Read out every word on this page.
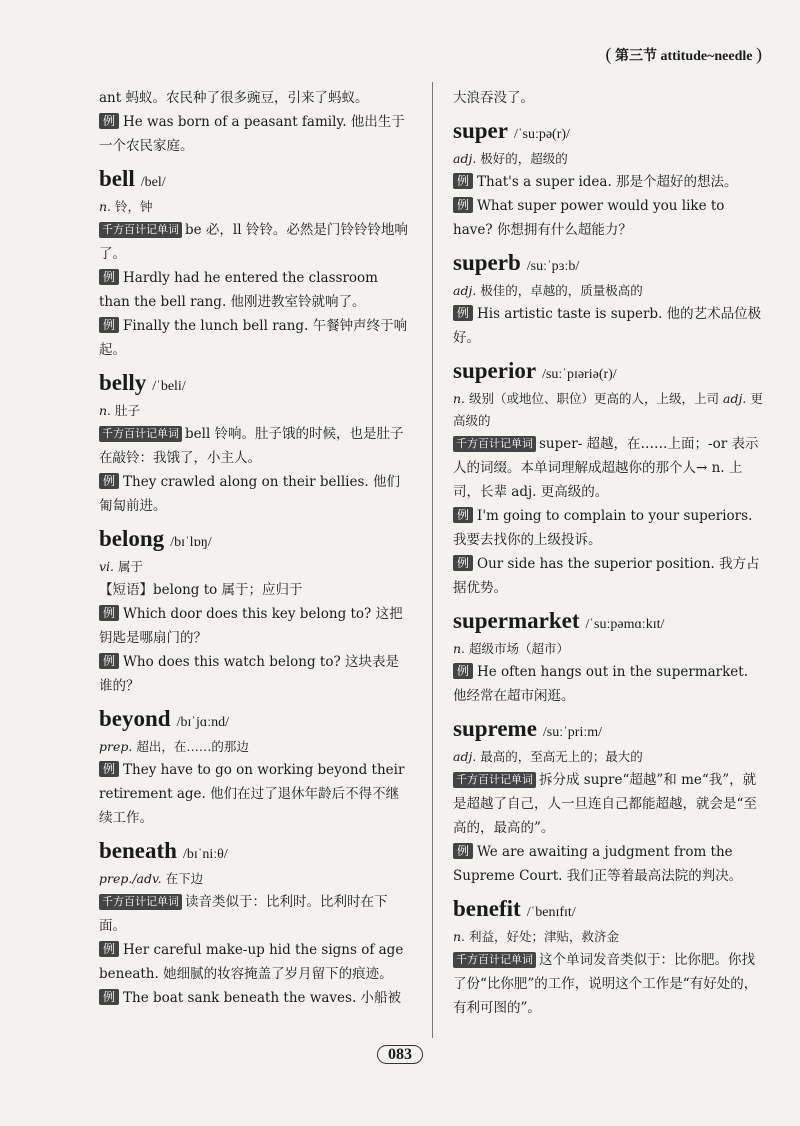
( 第三节 attitude~needle )

ant 蚂蚁。农民种了很多豌豆，引来了蚂蚁。

例 He was born of a peasant family. 他出生于一个农民家庭。

bell /bel/
n. 铃，钟

千方百计记单词 be 必，ll 铃铃。必然是门铃铃铃地响了。

例 Hardly had he entered the classroom than the bell rang. 他刚进教室铃就响了。

例 Finally the lunch bell rang. 午餐钟声终于响起。

belly /ˈbeli/
n. 肚子

千方百计记单词 bell 铃响。肚子饿的时候，也是肚子在敲铃：我饿了，小主人。

例 They crawled along on their bellies. 他们匍匐前进。

belong /bɪˈlɒŋ/
vi. 属于

【短语】belong to 属于；应归于

例 Which door does this key belong to? 这把钥匙是哪扇门的？

例 Who does this watch belong to? 这块表是谁的？

beyond /bɪˈjɑːnd/
prep. 超出，在……的那边

例 They have to go on working beyond their retirement age. 他们在过了退休年龄后不得不继续工作。

beneath /bɪˈniːθ/
prep./adv. 在下边

千方百计记单词 读音类似于：比利时。比利时在下面。

例 Her careful make-up hid the signs of age beneath. 她细腻的妆容掩盖了岁月留下的痕迹。

例 The boat sank beneath the waves. 小船被

大浪吞没了。

super /ˈsuːpə(r)/
adj. 极好的，超级的

例 That's a super idea. 那是个超好的想法。

例 What super power would you like to have? 你想拥有什么超能力？

superb /suːˈpɜːb/
adj. 极佳的，卓越的，质量极高的

例 His artistic taste is superb. 他的艺术品位极好。

superior /suːˈpɪəriə(r)/
n. 级别（或地位、职位）更高的人，上级，上司 adj. 更高级的

千方百计记单词 super- 超越，在……上面；-or 表示人的词缀。本单词理解成超越你的那个人→ n. 上司，长辈 adj. 更高级的。

例 I'm going to complain to your superiors. 我要去找你的上级投诉。

例 Our side has the superior position. 我方占据优势。

supermarket /ˈsuːpəmɑːkɪt/
n. 超级市场（超市）

例 He often hangs out in the supermarket. 他经常在超市闲逛。

supreme /suːˈpriːm/
adj. 最高的，至高无上的；最大的

千方百计记单词 拆分成 supre“超越”和 me“我”，就是超越了自己，人一旦连自己都能超越，就会是“至高的，最高的”。

例 We are awaiting a judgment from the Supreme Court. 我们正等着最高法院的判决。

benefit /ˈbenɪfɪt/
n. 利益，好处；津贴，救济金

千方百计记单词 这个单词发音类似于：比你肥。你找了份“比你肥”的工作，说明这个工作是“有好处的，有利可图的”。

083
